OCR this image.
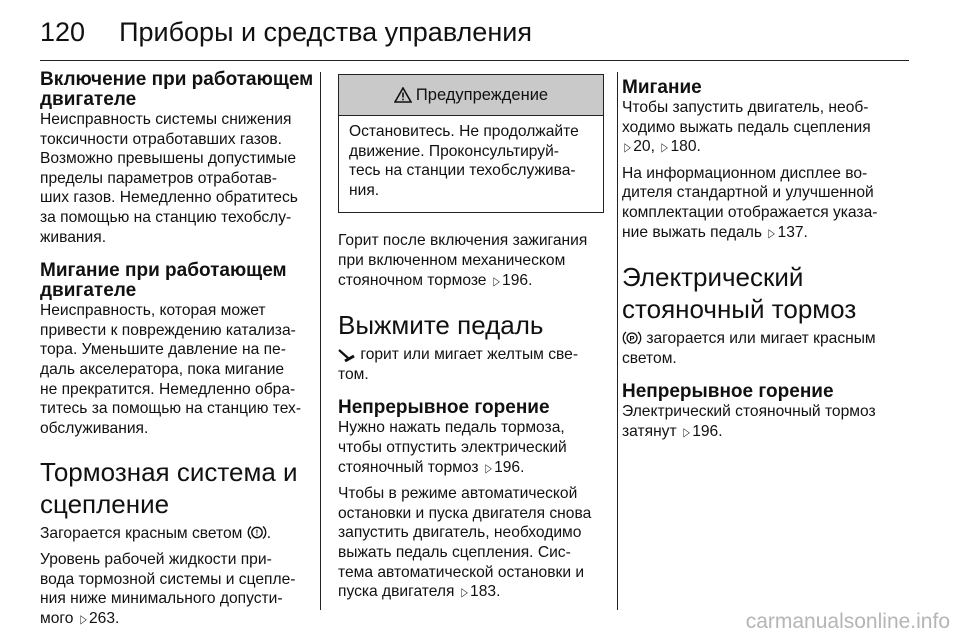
120 Приборы и средства управления
Включение при работающем
двигателе
Неисправность системы снижения
токсичности отработавших газов.
Возможно превышены допустимые
пределы параметров отработав-
ших газов. Немедленно обратитесь
за помощью на станцию техобслу-
живания.
Мигание при работающем
двигателе
Неисправность, которая может
привести к повреждению катализа-
тора. Уменьшите давление на пе-
даль акселератора, пока мигание
не прекратится. Немедленно обра-
титесь за помощью на станцию тех-
обслуживания.
Тормозная система и
сцепление
Загорается красным светом ! .
Уровень рабочей жидкости при-
вода тормозной системы и сцепле-
ния ниже минимального допусти-
мого ▷ 263.
Предупреждение
Остановитесь. Не продолжайте
движение. Проконсультируй-
тесь на станции техобслужива-
ния.
Горит после включения зажигания
при включенном механическом
стояночном тормозе ▷ 196.
Выжмите педаль
горит или мигает желтым све-
том.
Непрерывное горение
Нужно нажать педаль тормоза,
чтобы отпустить электрический
стояночный тормоз ▷ 196.
Чтобы в режиме автоматической
остановки и пуска двигателя снова
запустить двигатель, необходимо
выжать педаль сцепления. Сис-
тема автоматической остановки и
пуска двигателя ▷ 183.
Мигание
Чтобы запустить двигатель, необ-
ходимо выжать педаль сцепления
▷ 20, ▷ 180.
На информационном дисплее во-
дителя стандартной и улучшенной
комплектации отображается указа-
ние выжать педаль ▷ 137.
Электрический
стояночный тормоз
P загорается или мигает красным
светом.
Непрерывное горение
Электрический стояночный тормоз
затянут ▷ 196.
carmanualsonline.info
